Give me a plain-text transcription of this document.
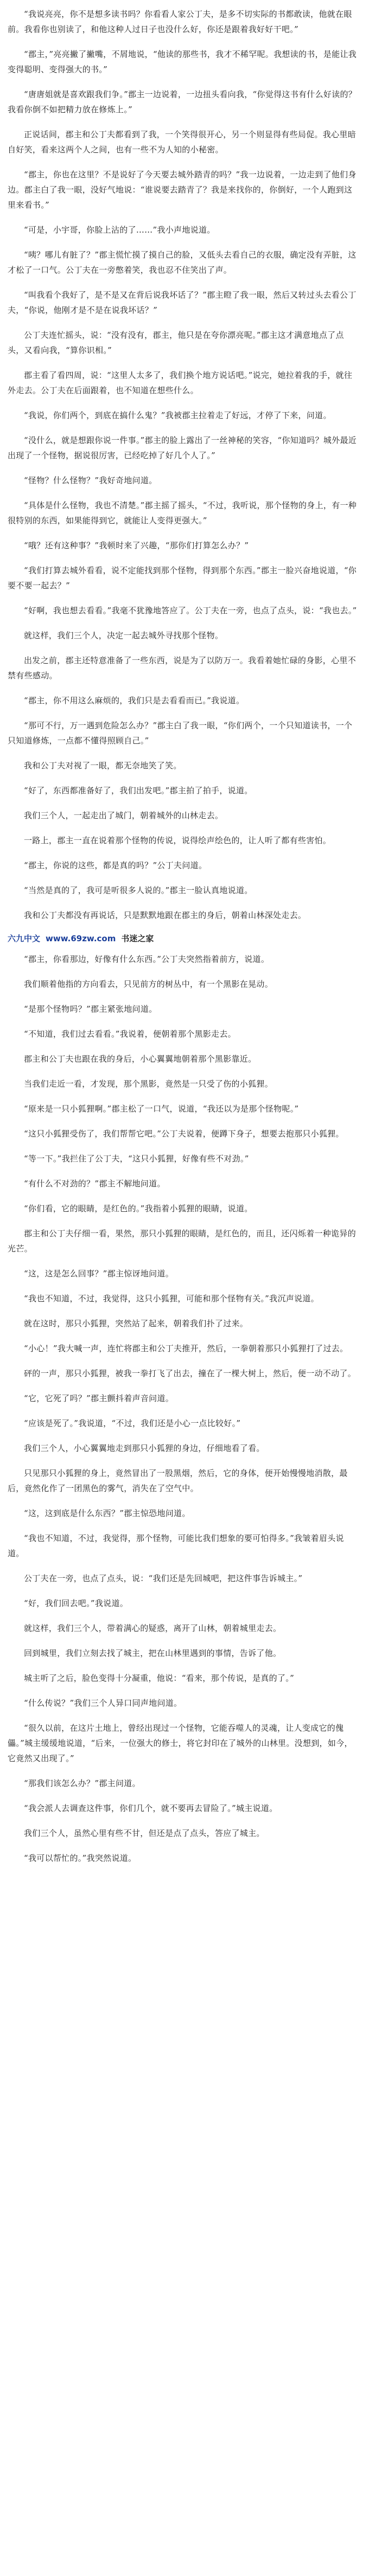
“我说亮亮，你不是想多读书吗？你看看人家公丁夫，是多不切实际的书都敢读，他就在眼前。我看你也别读了，和他这种人过日子也没什么好，你还是跟着我好好干吧。”

“郡主，”亮亮撇了撇嘴，不屑地说，“他读的那些书，我才不稀罕呢。我想读的书，是能让我变得聪明、变得强大的书。”

“唐唐姐就是喜欢跟我们争。”郡主一边说着，一边扭头看向我，“你觉得这书有什么好读的？我看你倒不如把精力放在修炼上。”

正说话间，郡主和公丁夫都看到了我，一个笑得很开心，另一个则显得有些局促。我心里暗自好笑，看来这两个人之间，也有一些不为人知的小秘密。

“郡主，你也在这里？不是说好了今天要去城外踏青的吗？”我一边说着，一边走到了他们身边。郡主白了我一眼，没好气地说：“谁说要去踏青了？我是来找你的，你倒好，一个人跑到这里来看书。”

“可是，小宇哥，你脸上沾的了……”我小声地说道。

“咦？哪儿有脏了？”郡主慌忙摸了摸自己的脸，又低头去看自己的衣服，确定没有弄脏，这才松了一口气。公丁夫在一旁憋着笑，我也忍不住笑出了声。

“叫我看个我好了，是不是又在背后说我坏话了？”郡主瞪了我一眼，然后又转过头去看公丁夫，“你说，他刚才是不是在说我坏话？”

公丁夫连忙摇头，说：“没有没有，郡主，他只是在夸你漂亮呢。”郡主这才满意地点了点头，又看向我，“算你识相。”

郡主看了看四周，说：“这里人太多了，我们换个地方说话吧。”说完，她拉着我的手，就往外走去。公丁夫在后面跟着，也不知道在想些什么。

“我说，你们两个，到底在搞什么鬼？”我被郡主拉着走了好远，才停了下来，问道。

“没什么，就是想跟你说一件事。”郡主的脸上露出了一丝神秘的笑容，“你知道吗？城外最近出现了一个怪物，据说很厉害，已经吃掉了好几个人了。”

“怪物？什么怪物？”我好奇地问道。

“具体是什么怪物，我也不清楚。”郡主摇了摇头，“不过，我听说，那个怪物的身上，有一种很特别的东西，如果能得到它，就能让人变得更强大。”

“哦？还有这种事？”我顿时来了兴趣，“那你们打算怎么办？”

“我们打算去城外看看，说不定能找到那个怪物，得到那个东西。”郡主一脸兴奋地说道，“你要不要一起去？”

“好啊，我也想去看看。”我毫不犹豫地答应了。公丁夫在一旁，也点了点头，说：“我也去。”

就这样，我们三个人，决定一起去城外寻找那个怪物。

出发之前，郡主还特意准备了一些东西，说是为了以防万一。我看着她忙碌的身影，心里不禁有些感动。

“郡主，你不用这么麻烦的，我们只是去看看而已。”我说道。

“那可不行，万一遇到危险怎么办？”郡主白了我一眼，“你们两个，一个只知道读书，一个只知道修炼，一点都不懂得照顾自己。”

我和公丁夫对视了一眼，都无奈地笑了笑。

“好了，东西都准备好了，我们出发吧。”郡主拍了拍手，说道。

我们三个人，一起走出了城门，朝着城外的山林走去。

一路上，郡主一直在说着那个怪物的传说，说得绘声绘色的，让人听了都有些害怕。

“郡主，你说的这些，都是真的吗？”公丁夫问道。

“当然是真的了，我可是听很多人说的。”郡主一脸认真地说道。

我和公丁夫都没有再说话，只是默默地跟在郡主的身后，朝着山林深处走去。

六九中文 www.69zw.com 书迷之家

“郡主，你看那边，好像有什么东西。”公丁夫突然指着前方，说道。

我们顺着他指的方向看去，只见前方的树丛中，有一个黑影在晃动。

“是那个怪物吗？”郡主紧张地问道。

“不知道，我们过去看看。”我说着，便朝着那个黑影走去。

郡主和公丁夫也跟在我的身后，小心翼翼地朝着那个黑影靠近。

当我们走近一看，才发现，那个黑影，竟然是一只受了伤的小狐狸。

“原来是一只小狐狸啊。”郡主松了一口气，说道，“我还以为是那个怪物呢。”

“这只小狐狸受伤了，我们帮帮它吧。”公丁夫说着，便蹲下身子，想要去抱那只小狐狸。

“等一下。”我拦住了公丁夫，“这只小狐狸，好像有些不对劲。”

“有什么不对劲的？”郡主不解地问道。

“你们看，它的眼睛，是红色的。”我指着小狐狸的眼睛，说道。

郡主和公丁夫仔细一看，果然，那只小狐狸的眼睛，是红色的，而且，还闪烁着一种诡异的光芒。

“这，这是怎么回事？”郡主惊讶地问道。

“我也不知道，不过，我觉得，这只小狐狸，可能和那个怪物有关。”我沉声说道。

就在这时，那只小狐狸，突然站了起来，朝着我们扑了过来。

“小心！”我大喊一声，连忙将郡主和公丁夫推开，然后，一拳朝着那只小狐狸打了过去。

砰的一声，那只小狐狸，被我一拳打飞了出去，撞在了一棵大树上，然后，便一动不动了。

“它，它死了吗？”郡主颤抖着声音问道。

“应该是死了。”我说道，“不过，我们还是小心一点比较好。”

我们三个人，小心翼翼地走到那只小狐狸的身边，仔细地看了看。

只见那只小狐狸的身上，竟然冒出了一股黑烟，然后，它的身体，便开始慢慢地消散，最后，竟然化作了一团黑色的雾气，消失在了空气中。

“这，这到底是什么东西？”郡主惊恐地问道。

“我也不知道，不过，我觉得，那个怪物，可能比我们想象的要可怕得多。”我皱着眉头说道。

公丁夫在一旁，也点了点头，说：“我们还是先回城吧，把这件事告诉城主。”

“好，我们回去吧。”我说道。

就这样，我们三个人，带着满心的疑惑，离开了山林，朝着城里走去。

回到城里，我们立刻去找了城主，把在山林里遇到的事情，告诉了他。

城主听了之后，脸色变得十分凝重，他说：“看来，那个传说，是真的了。”

“什么传说？”我们三个人异口同声地问道。

“很久以前，在这片土地上，曾经出现过一个怪物，它能吞噬人的灵魂，让人变成它的傀儡。”城主缓缓地说道，“后来，一位强大的修士，将它封印在了城外的山林里。没想到，如今，它竟然又出现了。”

“那我们该怎么办？”郡主问道。

“我会派人去调查这件事，你们几个，就不要再去冒险了。”城主说道。

我们三个人，虽然心里有些不甘，但还是点了点头，答应了城主。

“我可以帮忙的。”我突然说道。
